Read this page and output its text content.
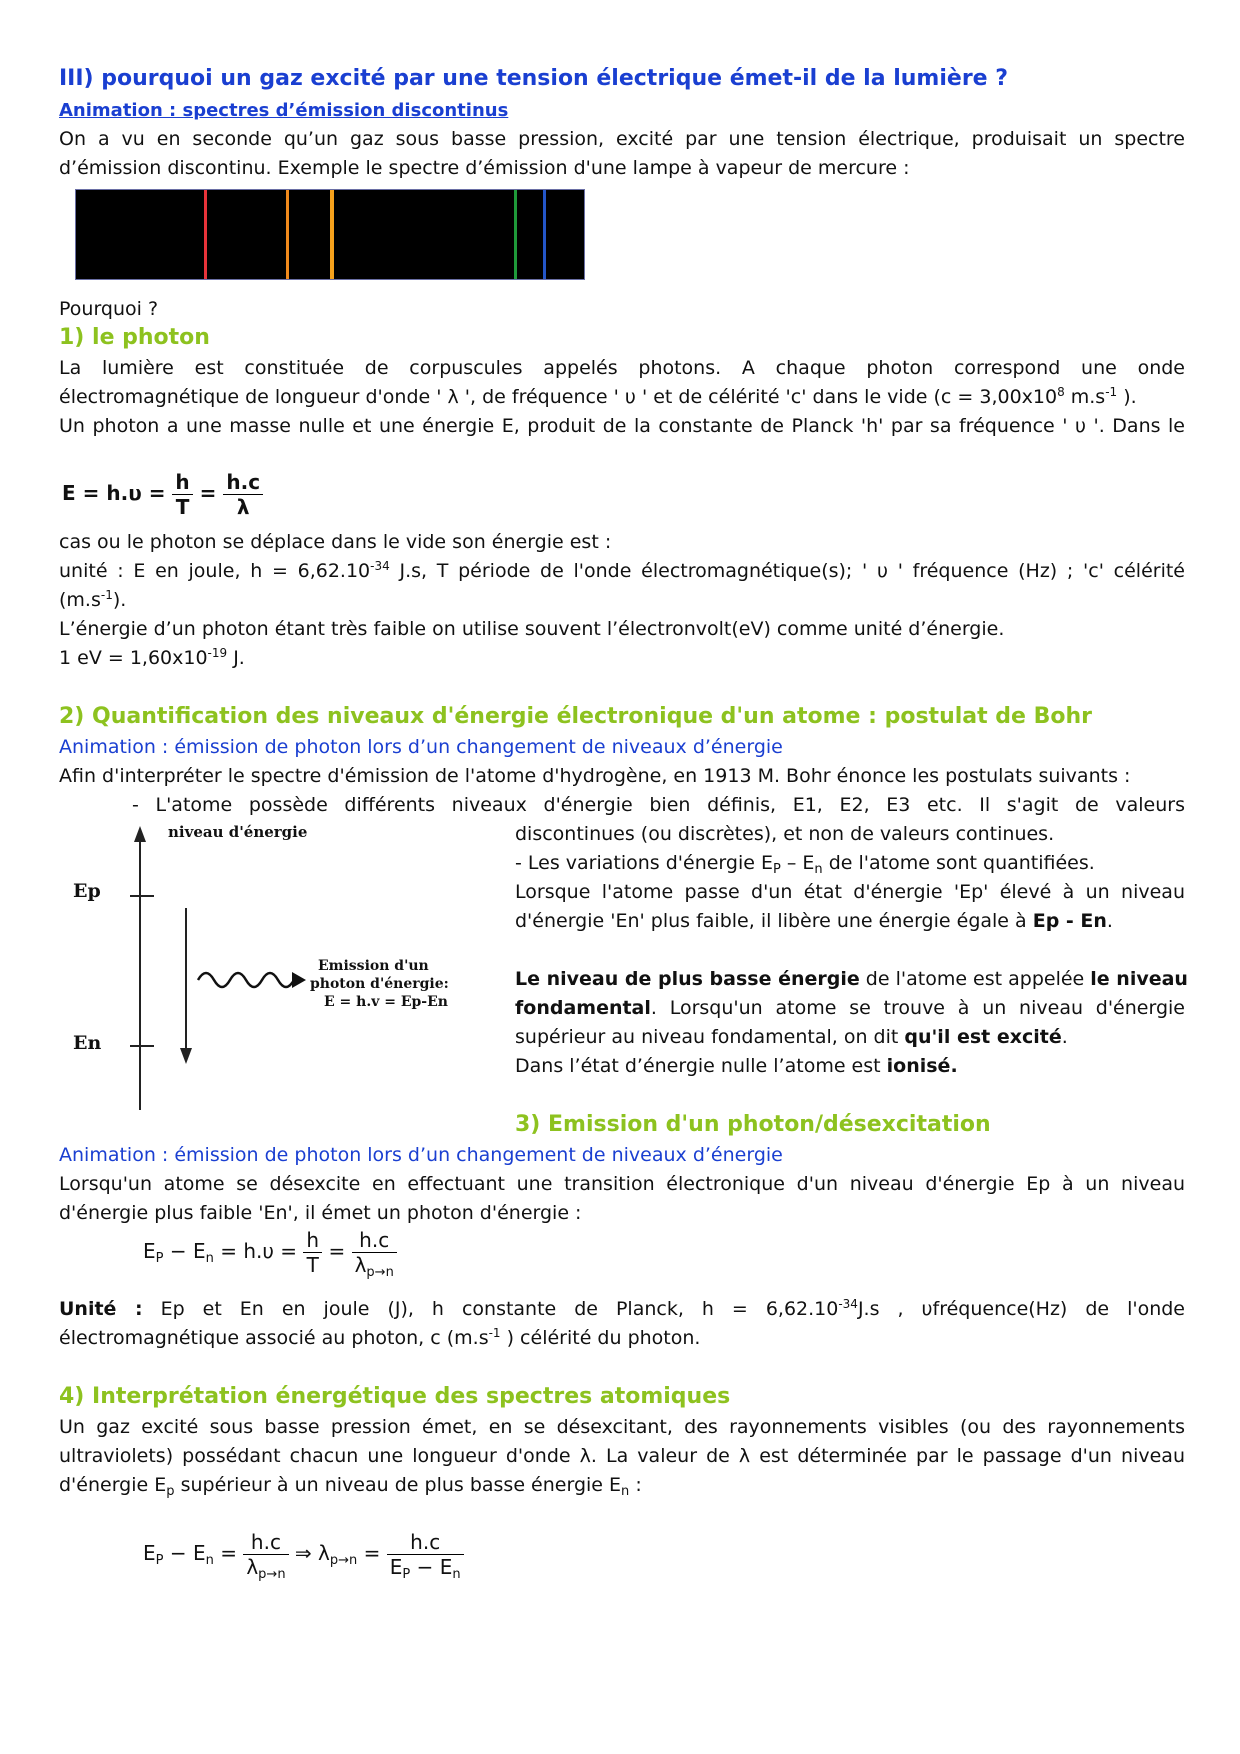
III) pourquoi un gaz excité par une tension électrique émet-il de la lumière ?
Animation : spectres d’émission discontinus
On a vu en seconde qu’un gaz sous basse pression, excité par une tension électrique, produisait un spectre
d’émission discontinu. Exemple le spectre d’émission d'une lampe à vapeur de mercure :
Pourquoi ?
1) le photon
La lumière est constituée de corpuscules appelés photons. A chaque photon correspond une onde
électromagnétique de longueur d'onde ' λ ', de fréquence ' υ ' et de célérité 'c' dans le vide ($c = 3,00x10^8$ $m.s^{-1}$ ).
Un photon a une masse nulle et une énergie E, produit de la constante de Planck 'h' par sa fréquence ' υ '. Dans le
$E = h.\upsilon = \frac{h}{T} = \frac{h.c}{\lambda}$
cas ou le photon se déplace dans le vide son énergie est :
unité : E en joule, $h = 6,62.10^{-34}$ J.s, T période de l'onde électromagnétique(s); ' υ ' fréquence (Hz) ; 'c' célérité
$(m.s^{-1})$.
L’énergie d’un photon étant très faible on utilise souvent l’électronvolt(eV) comme unité d’énergie.
1 eV = $1,60x10^{-19}$ J.
2) Quantification des niveaux d'énergie électronique d'un atome : postulat de Bohr
Animation : émission de photon lors d’un changement de niveaux d’énergie
Afin d'interpréter le spectre d'émission de l'atome d'hydrogène, en 1913 M. Bohr énonce les postulats suivants :
- L'atome possède différents niveaux d'énergie bien définis, E1, E2, E3 etc. Il s'agit de valeurs
niveau d'énergie
Ep
En
Emission d'un
photon d'énergie:
E = h.v = Ep-En
discontinues (ou discrètes), et non de valeurs continues.
- Les variations d'énergie $E_P - E_n$ de l'atome sont quantifiées.
Lorsque l'atome passe d'un état d'énergie 'Ep' élevé à un niveau
d'énergie 'En' plus faible, il libère une énergie égale à Ep - En.
Le niveau de plus basse énergie de l'atome est appelée le niveau
fondamental. Lorsqu'un atome se trouve à un niveau d'énergie
supérieur au niveau fondamental, on dit qu'il est excité.
Dans l’état d’énergie nulle l’atome est ionisé.
3) Emission d'un photon/désexcitation
Animation : émission de photon lors d’un changement de niveaux d’énergie
Lorsqu'un atome se désexcite en effectuant une transition électronique d'un niveau d'énergie Ep à un niveau
d'énergie plus faible 'En', il émet un photon d'énergie :
$E_P - E_n = h.\upsilon = \frac{h}{T} = \frac{h.c}{\lambda_{p\to n}}$
Unité : Ep et En en joule (J), h constante de Planck, $h = 6,62.10^{-34}J.s$ , υfréquence(Hz) de l'onde
électromagnétique associé au photon, c ($m.s^{-1}$ ) célérité du photon.
4) Interprétation énergétique des spectres atomiques
Un gaz excité sous basse pression émet, en se désexcitant, des rayonnements visibles (ou des rayonnements
ultraviolets) possédant chacun une longueur d'onde λ. La valeur de λ est déterminée par le passage d'un niveau
d'énergie $E_p$ supérieur à un niveau de plus basse énergie $E_n$ :
$E_P - E_n = \frac{h.c}{\lambda_{p\to n}}$ ⇒ $\lambda_{p\to n} = \frac{h.c}{E_P - E_n}$
